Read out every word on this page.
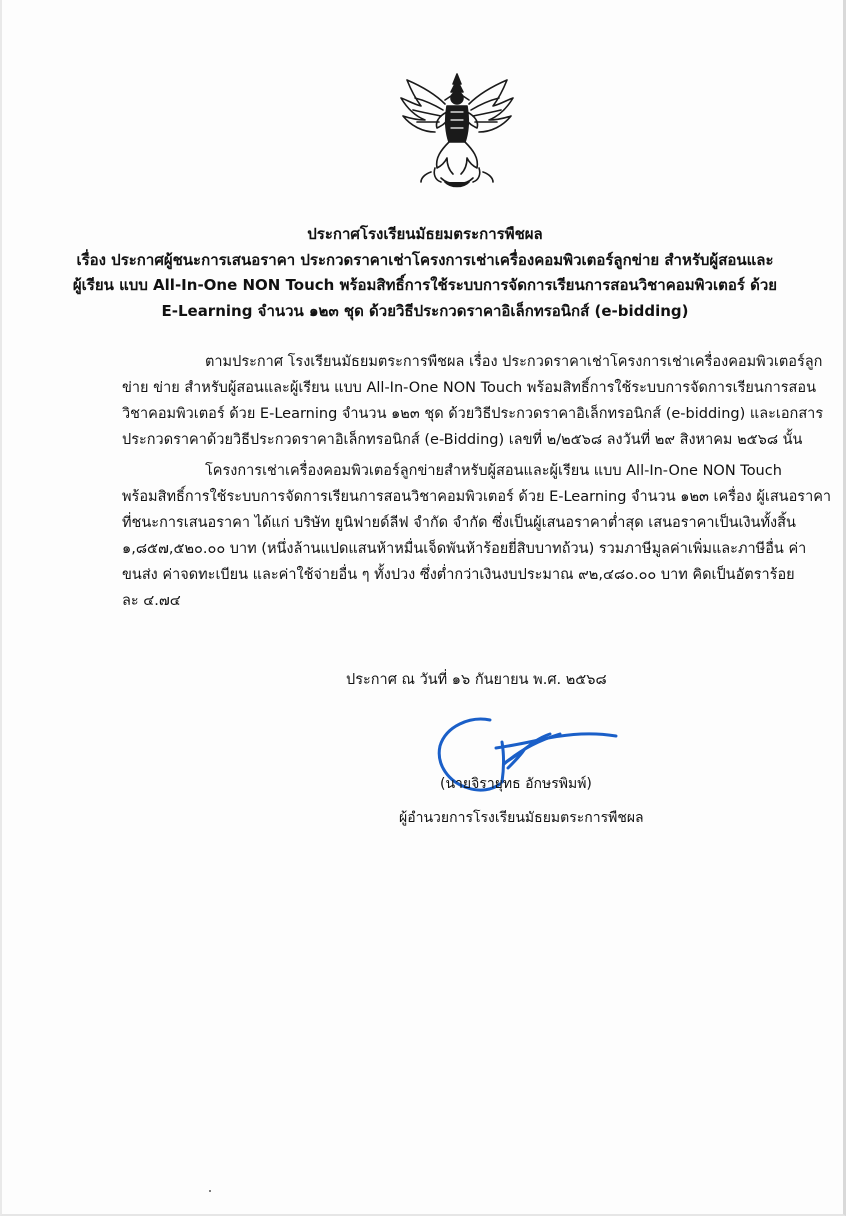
ประกาศโรงเรียนมัธยมตระการพืชผล
เรื่อง ประกาศผู้ชนะการเสนอราคา ประกวดราคาเช่าโครงการเช่าเครื่องคอมพิวเตอร์ลูกข่าย สำหรับผู้สอนและ
ผู้เรียน แบบ All-In-One NON Touch พร้อมสิทธิ์การใช้ระบบการจัดการเรียนการสอนวิชาคอมพิวเตอร์ ด้วย
E-Learning จำนวน ๑๒๓ ชุด ด้วยวิธีประกวดราคาอิเล็กทรอนิกส์ (e-bidding)
ตามประกาศ โรงเรียนมัธยมตระการพืชผล เรื่อง ประกวดราคาเช่าโครงการเช่าเครื่องคอมพิวเตอร์ลูก
ข่าย ข่าย สำหรับผู้สอนและผู้เรียน แบบ All-In-One NON Touch พร้อมสิทธิ์การใช้ระบบการจัดการเรียนการสอน
วิชาคอมพิวเตอร์ ด้วย E-Learning จำนวน ๑๒๓ ชุด ด้วยวิธีประกวดราคาอิเล็กทรอนิกส์ (e-bidding) และเอกสาร
ประกวดราคาด้วยวิธีประกวดราคาอิเล็กทรอนิกส์ (e-Bidding) เลขที่ ๒/๒๕๖๘ ลงวันที่ ๒๙ สิงหาคม ๒๕๖๘ นั้น
โครงการเช่าเครื่องคอมพิวเตอร์ลูกข่ายสำหรับผู้สอนและผู้เรียน แบบ All-In-One NON Touch
พร้อมสิทธิ์การใช้ระบบการจัดการเรียนการสอนวิชาคอมพิวเตอร์ ด้วย E-Learning จำนวน ๑๒๓ เครื่อง ผู้เสนอราคา
ที่ชนะการเสนอราคา ได้แก่ บริษัท ยูนิฟายด์ลีฟ จำกัด จำกัด ซึ่งเป็นผู้เสนอราคาต่ำสุด เสนอราคาเป็นเงินทั้งสิ้น
๑,๘๕๗,๕๒๐.๐๐ บาท (หนึ่งล้านแปดแสนห้าหมื่นเจ็ดพันห้าร้อยยี่สิบบาทถ้วน) รวมภาษีมูลค่าเพิ่มและภาษีอื่น ค่า
ขนส่ง ค่าจดทะเบียน และค่าใช้จ่ายอื่น ๆ ทั้งปวง ซึ่งต่ำกว่าเงินงบประมาณ ๙๒,๔๘๐.๐๐ บาท คิดเป็นอัตราร้อย
ละ ๔.๗๔
ประกาศ ณ วันที่ ๑๖ กันยายน พ.ศ. ๒๕๖๘
(นายจิรายุทธ อักษรพิมพ์)
ผู้อำนวยการโรงเรียนมัธยมตระการพืชผล
